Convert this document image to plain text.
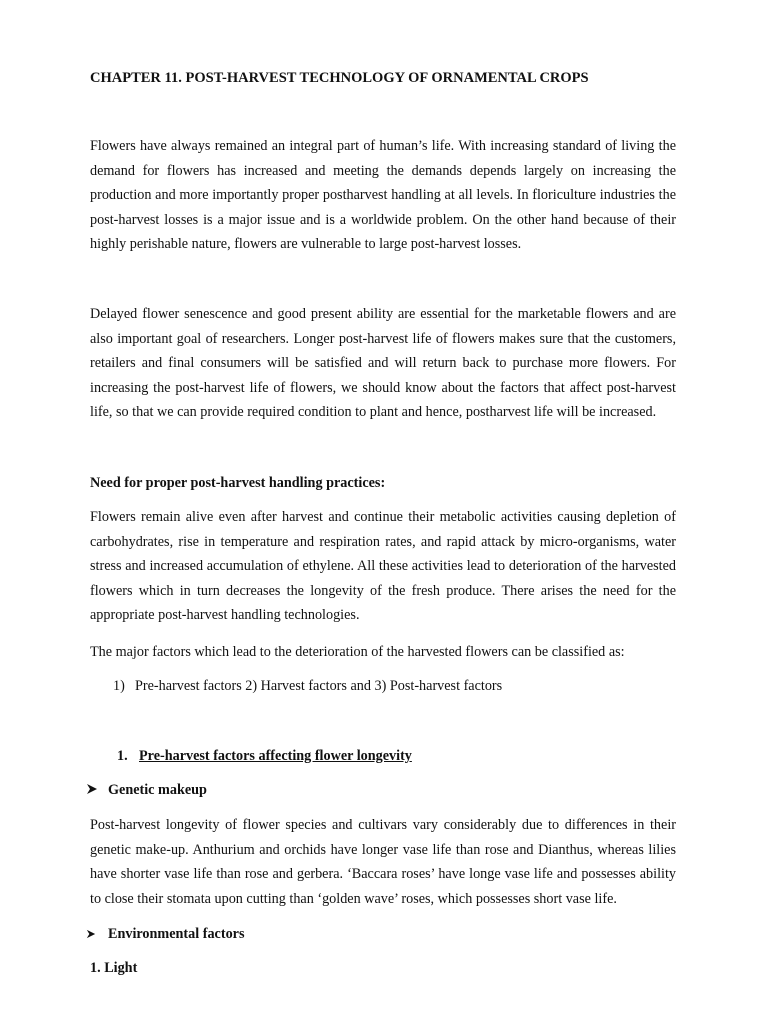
CHAPTER 11. POST-HARVEST TECHNOLOGY OF ORNAMENTAL CROPS

Flowers have always remained an integral part of human’s life. With increasing standard of living the demand for flowers has increased and meeting the demands depends largely on increasing the production and more importantly proper postharvest handling at all levels. In floriculture industries the post-harvest losses is a major issue and is a worldwide problem. On the other hand because of their highly perishable nature, flowers are vulnerable to large post-harvest losses.

Delayed flower senescence and good present ability are essential for the marketable flowers and are also important goal of researchers. Longer post-harvest life of flowers makes sure that the customers, retailers and final consumers will be satisfied and will return back to purchase more flowers. For increasing the post-harvest life of flowers, we should know about the factors that affect post-harvest life, so that we can provide required condition to plant and hence, postharvest life will be increased.

Need for proper post-harvest handling practices:

Flowers remain alive even after harvest and continue their metabolic activities causing depletion of carbohydrates, rise in temperature and respiration rates, and rapid attack by micro-organisms, water stress and increased accumulation of ethylene. All these activities lead to deterioration of the harvested flowers which in turn decreases the longevity of the fresh produce. There arises the need for the appropriate post-harvest handling technologies.

The major factors which lead to the deterioration of the harvested flowers can be classified as:

1) Pre-harvest factors 2) Harvest factors and 3) Post-harvest factors

1. Pre-harvest factors affecting flower longevity
Genetic makeup

Post-harvest longevity of flower species and cultivars vary considerably due to differences in their genetic make-up. Anthurium and orchids have longer vase life than rose and Dianthus, whereas lilies have shorter vase life than rose and gerbera. ‘Baccara roses’ have longe vase life and possesses ability to close their stomata upon cutting than ‘golden wave’ roses, which possesses short vase life.

Environmental factors
1. Light
